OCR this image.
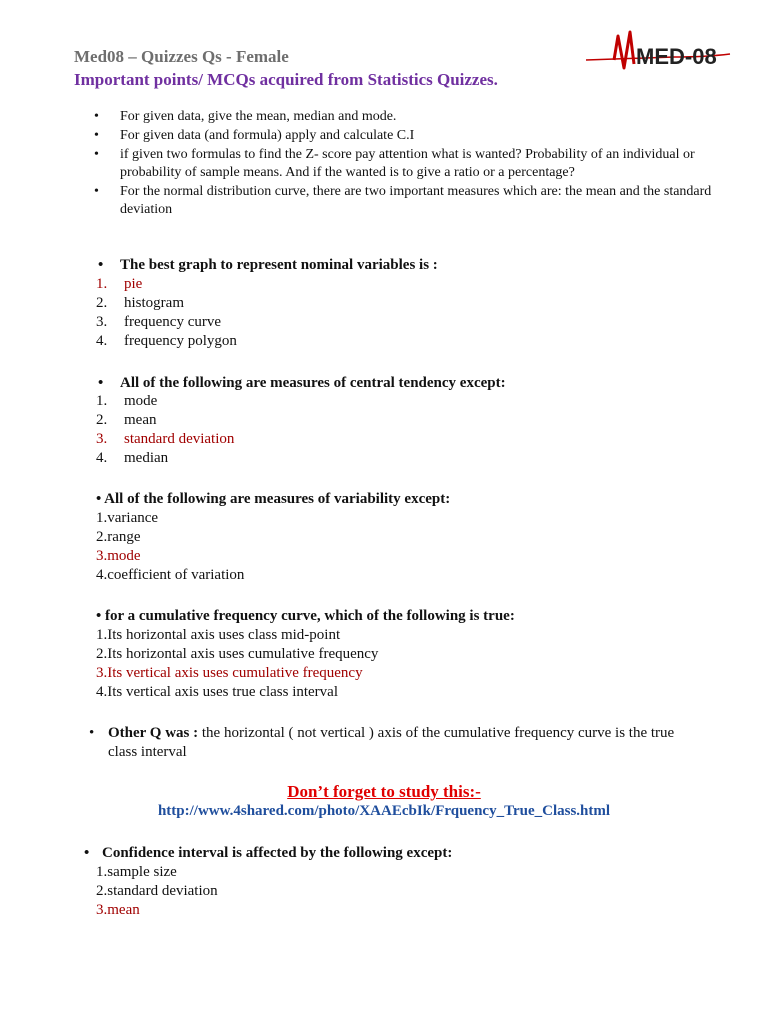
Med08 – Quizzes Qs - Female
Important points/ MCQs acquired from Statistics Quizzes.
MED-08
• For given data, give the mean, median and mode.
• For given data (and formula) apply and calculate C.I
• if given two formulas to find the Z- score pay attention what is wanted? Probability of an individual or probability of sample means. And if the wanted is to give a ratio or a percentage?
• For the normal distribution curve, there are two important measures which are: the mean and the standard deviation
• The best graph to represent nominal variables is :
1. pie
2. histogram
3. frequency curve
4. frequency polygon
• All of the following are measures of central tendency except:
1. mode
2. mean
3. standard deviation
4. median
• All of the following are measures of variability except:
1.variance
2.range
3.mode
4.coefficient of variation
• for a cumulative frequency curve, which of the following is true:
1.Its horizontal axis uses class mid-point
2.Its horizontal axis uses cumulative frequency
3.Its vertical axis uses cumulative frequency
4.Its vertical axis uses true class interval
• Other Q was : the horizontal ( not vertical ) axis of the cumulative frequency curve is the true class interval
Don’t forget to study this:-
http://www.4shared.com/photo/XAAEcbIk/Frquency_True_Class.html
• Confidence interval is affected by the following except:
1.sample size
2.standard deviation
3.mean
